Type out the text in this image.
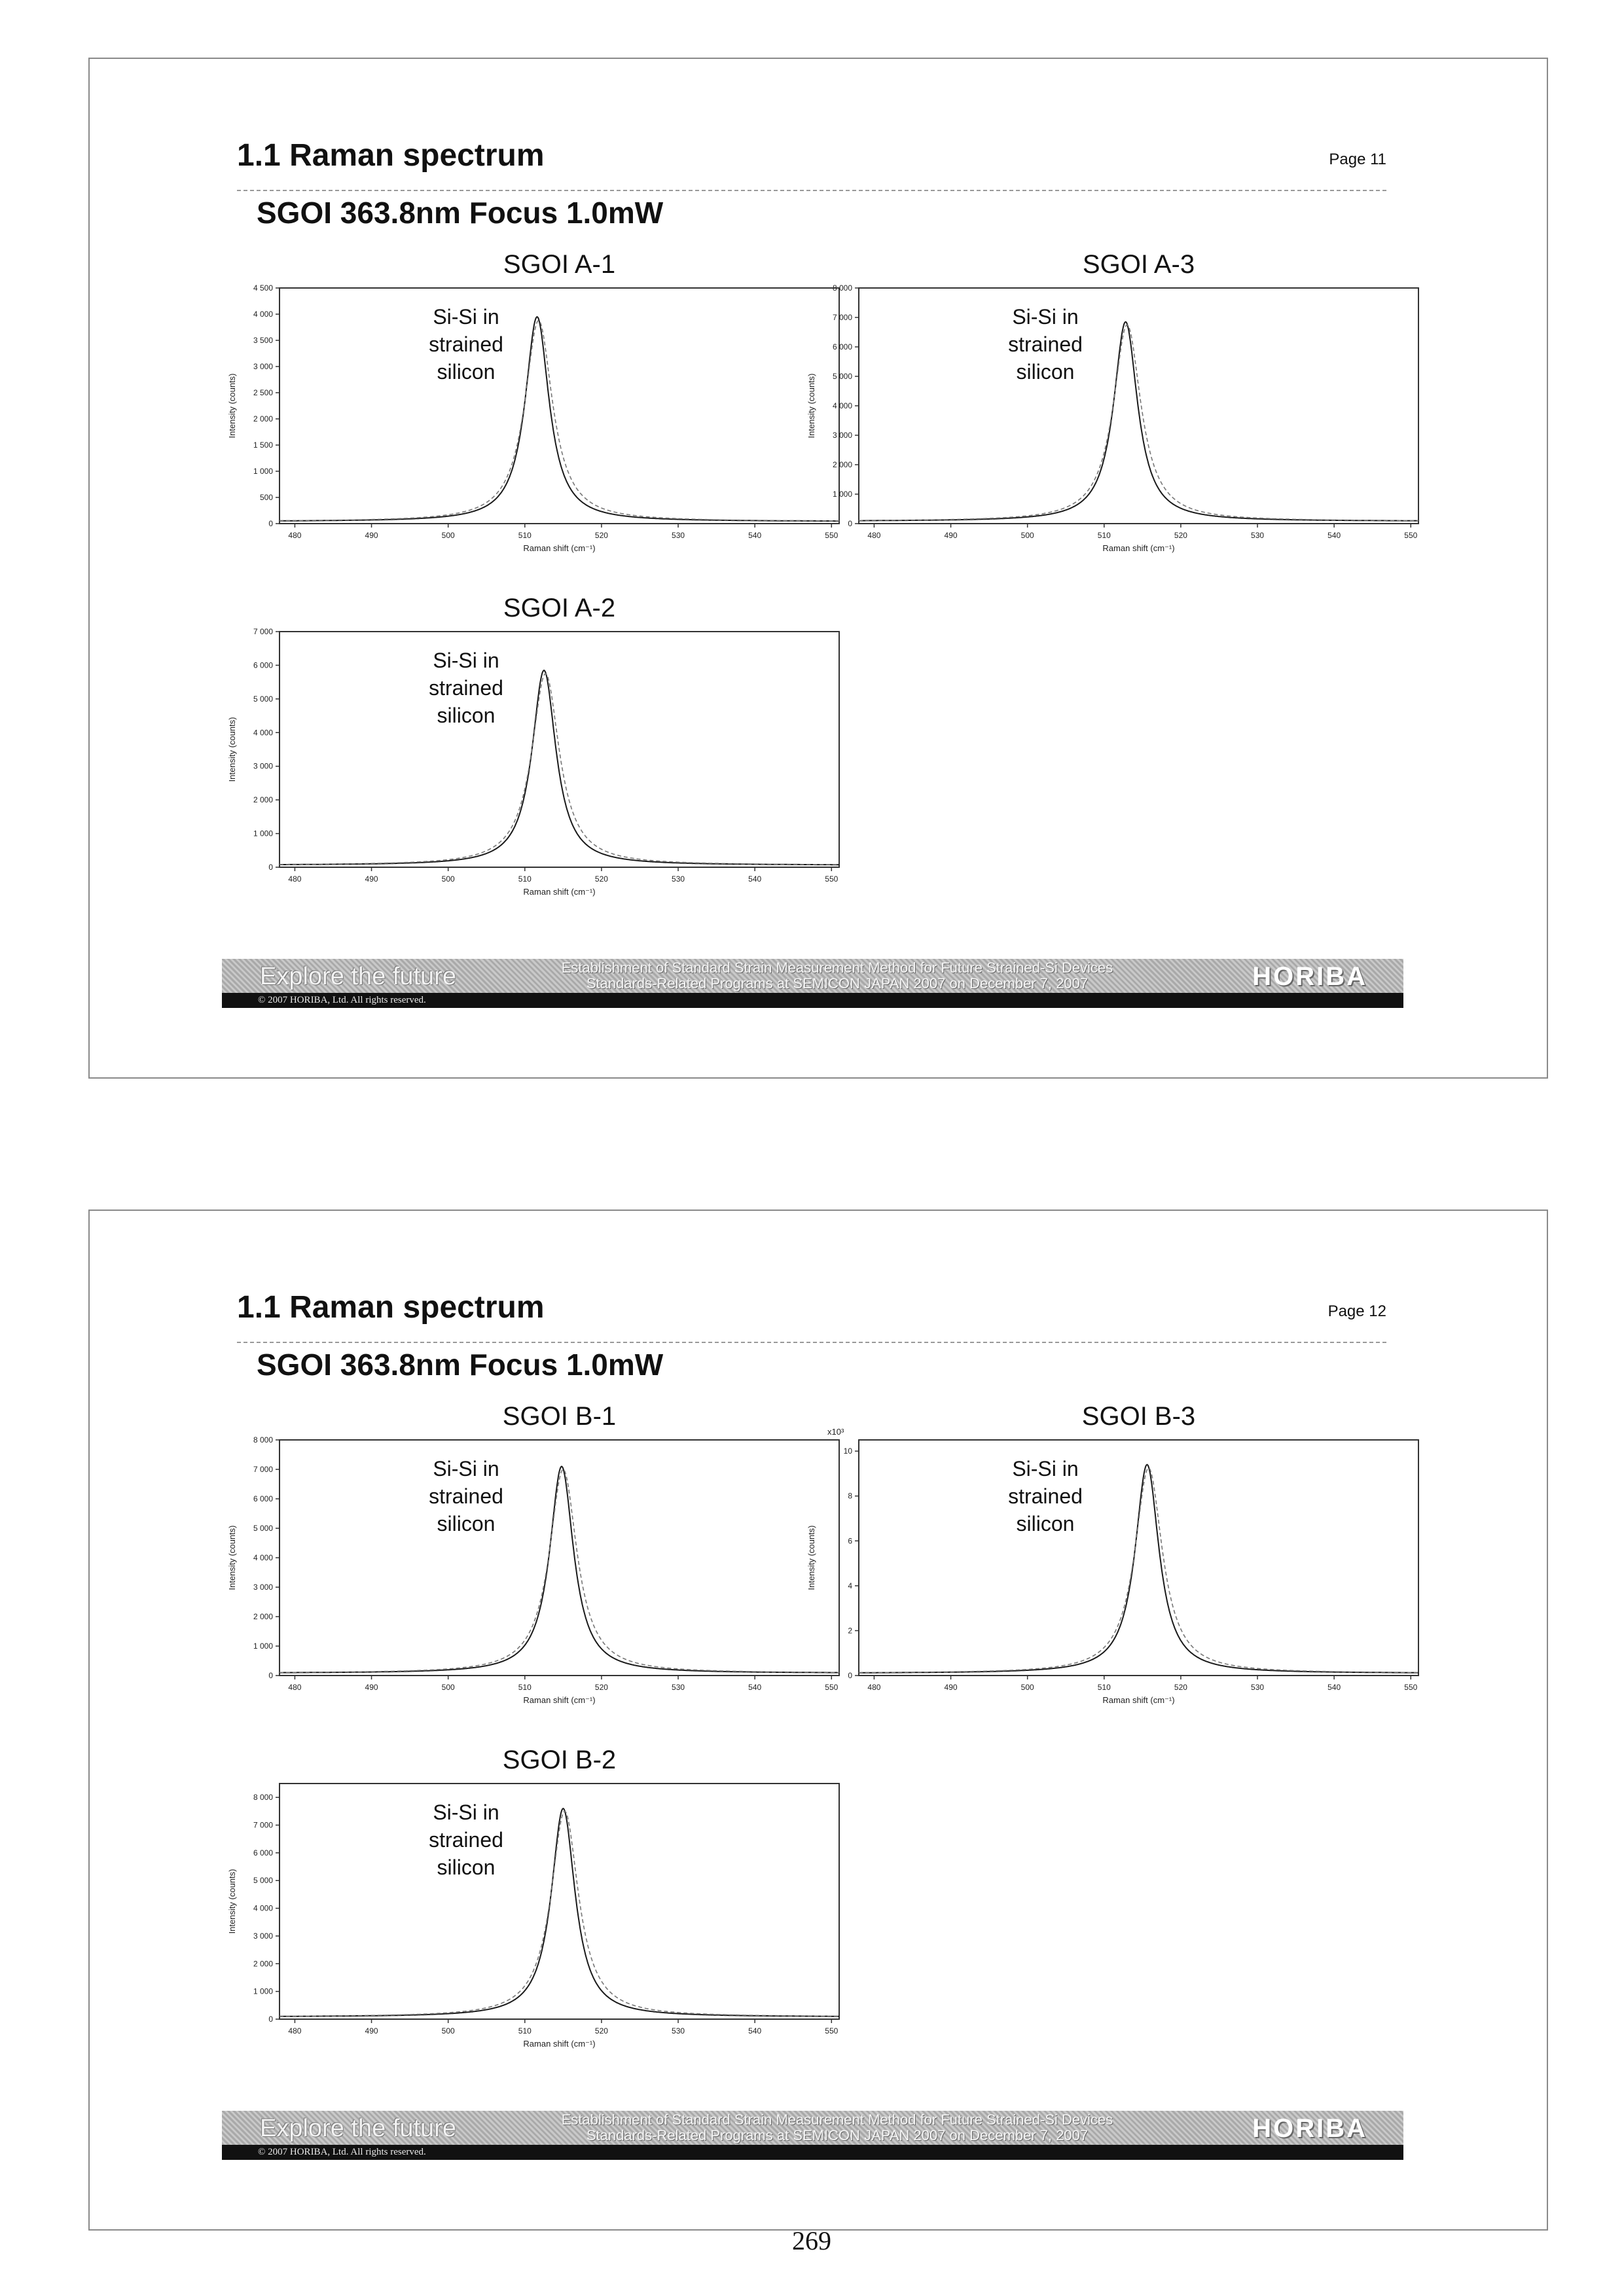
1.1 Raman spectrum	Page 11
SGOI 363.8nm Focus 1.0mW
SGOI A-1
0
500
1 000
1 500
2 000
2 500
3 000
3 500
4 000
4 500
480	490	500	510	520	530	540	550
Raman shift (cm⁻¹)
Intensity (counts)
Si-Si in
strained
silicon
SGOI A-3
0
1 000
2 000
3 000
4 000
5 000
6 000
7 000
8 000
480	490	500	510	520	530	540	550
Raman shift (cm⁻¹)
Intensity (counts)
Si-Si in
strained
silicon
SGOI A-2
0
1 000
2 000
3 000
4 000
5 000
6 000
7 000
480	490	500	510	520	530	540	550
Raman shift (cm⁻¹)
Intensity (counts)
Si-Si in
strained
silicon
Explore the future	Establishment of Standard Strain Measurement Method for Future Strained-Si Devices
Standards-Related Programs at SEMICON JAPAN 2007 on December 7, 2007	HORIBA
© 2007 HORIBA, Ltd. All rights reserved.
1.1 Raman spectrum	Page 12
SGOI 363.8nm Focus 1.0mW
SGOI B-1
0
1 000
2 000
3 000
4 000
5 000
6 000
7 000
8 000
480	490	500	510	520	530	540	550
Raman shift (cm⁻¹)
Intensity (counts)
Si-Si in
strained
silicon
SGOI B-3
0
2
4
6
8
10
480	490	500	510	520	530	540	550
Raman shift (cm⁻¹)
Intensity (counts)
x10³
Si-Si in
strained
silicon
SGOI B-2
0
1 000
2 000
3 000
4 000
5 000
6 000
7 000
8 000
480	490	500	510	520	530	540	550
Raman shift (cm⁻¹)
Intensity (counts)
Si-Si in
strained
silicon
Explore the future	Establishment of Standard Strain Measurement Method for Future Strained-Si Devices
Standards-Related Programs at SEMICON JAPAN 2007 on December 7, 2007	HORIBA
© 2007 HORIBA, Ltd. All rights reserved.
269
